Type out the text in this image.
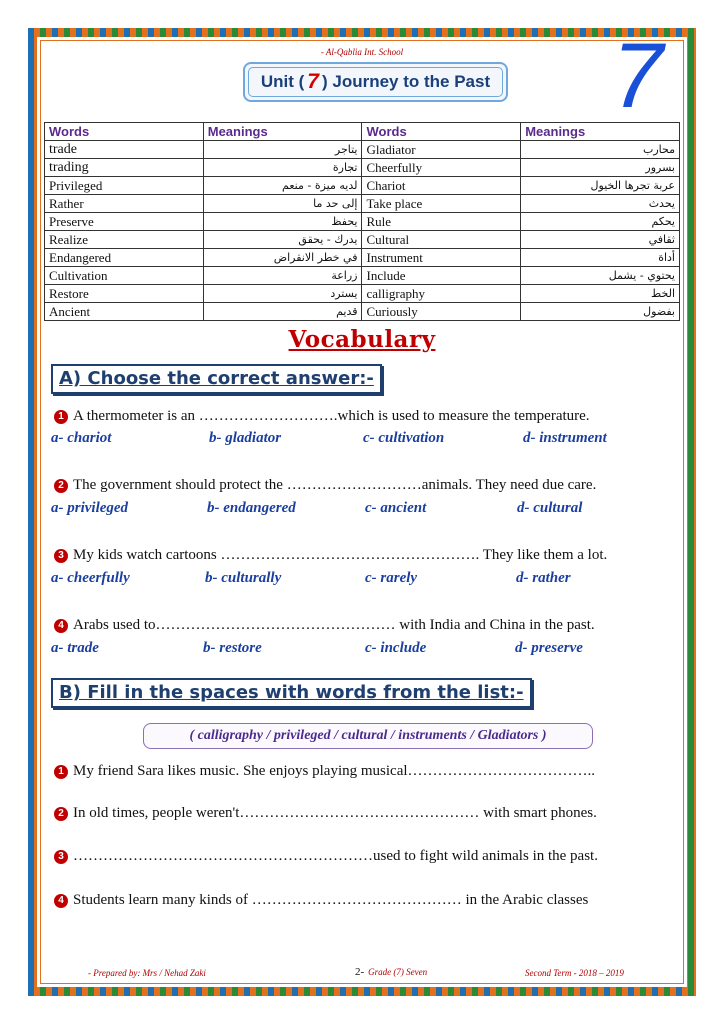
- Al-Qablia Int. School
Unit ( 7 ) Journey to the Past 7
Words	Meanings	Words	Meanings
trade	يتاجر	Gladiator	محارب
trading	تجارة	Cheerfully	بسرور
Privileged	لديه ميزة - منعم	Chariot	عربة تجرها الخيول
Rather	إلى حد ما	Take place	يحدث
Preserve	يحفظ	Rule	يحكم
Realize	يدرك - يحقق	Cultural	ثقافي
Endangered	في خطر الانقراض	Instrument	أداة
Cultivation	زراعة	Include	يحتوي - يشمل
Restore	يسترد	calligraphy	الخط
Ancient	قديم	Curiously	بفضول
Vocabulary
A) Choose the correct answer:-
1 A thermometer is an ……………………….which is used to measure the temperature.
a- chariot	b- gladiator	c- cultivation	d- instrument
2 The government should protect the ………………………animals. They need due care.
a- privileged	b- endangered	c- ancient	d- cultural
3 My kids watch cartoons ……………………………………………. They like them a lot.
a- cheerfully	b- culturally	c- rarely	d- rather
4 Arabs used to………………………………………… with India and China in the past.
a- trade	b- restore	c- include	d- preserve
B) Fill in the spaces with words from the list:-
( calligraphy / privileged / cultural / instruments / Gladiators )
1 My friend Sara likes music. She enjoys playing musical………………………………..
2 In old times, people weren't………………………………………… with smart phones.
3 ……………………………………………………used to fight wild animals in the past.
4 Students learn many kinds of …………………………………… in the Arabic classes
- Prepared by: Mrs / Nehad Zaki	2- Grade (7) Seven	Second Term - 2018 – 2019
